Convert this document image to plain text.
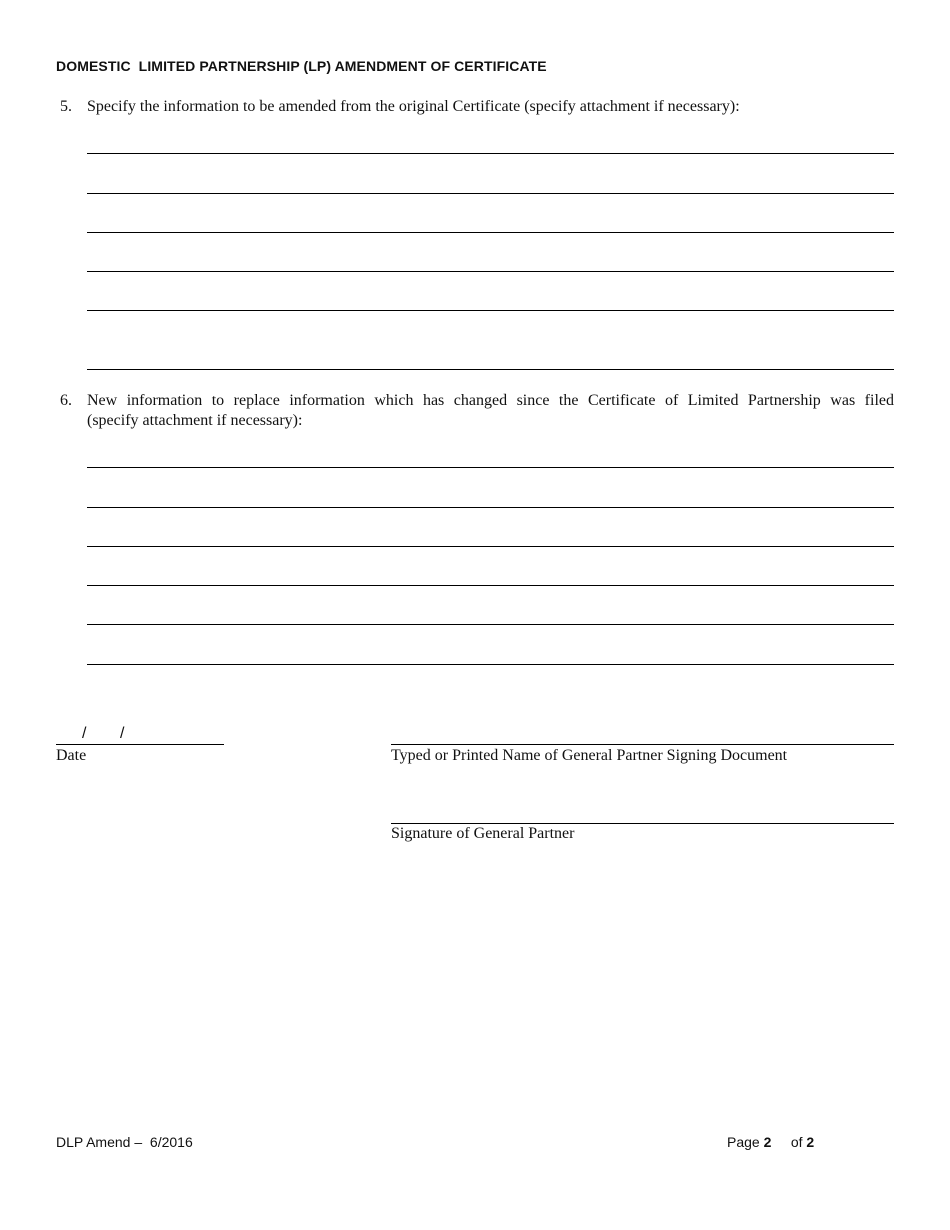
DOMESTIC  LIMITED PARTNERSHIP (LP) AMENDMENT OF CERTIFICATE
5. Specify the information to be amended from the original Certificate (specify attachment if necessary):
6. New information to replace information which has changed since the Certificate of Limited Partnership was filed
(specify attachment if necessary):
/ /
Date	Typed or Printed Name of General Partner Signing Document
Signature of General Partner
DLP Amend –  6/2016	Page 2 of 2
